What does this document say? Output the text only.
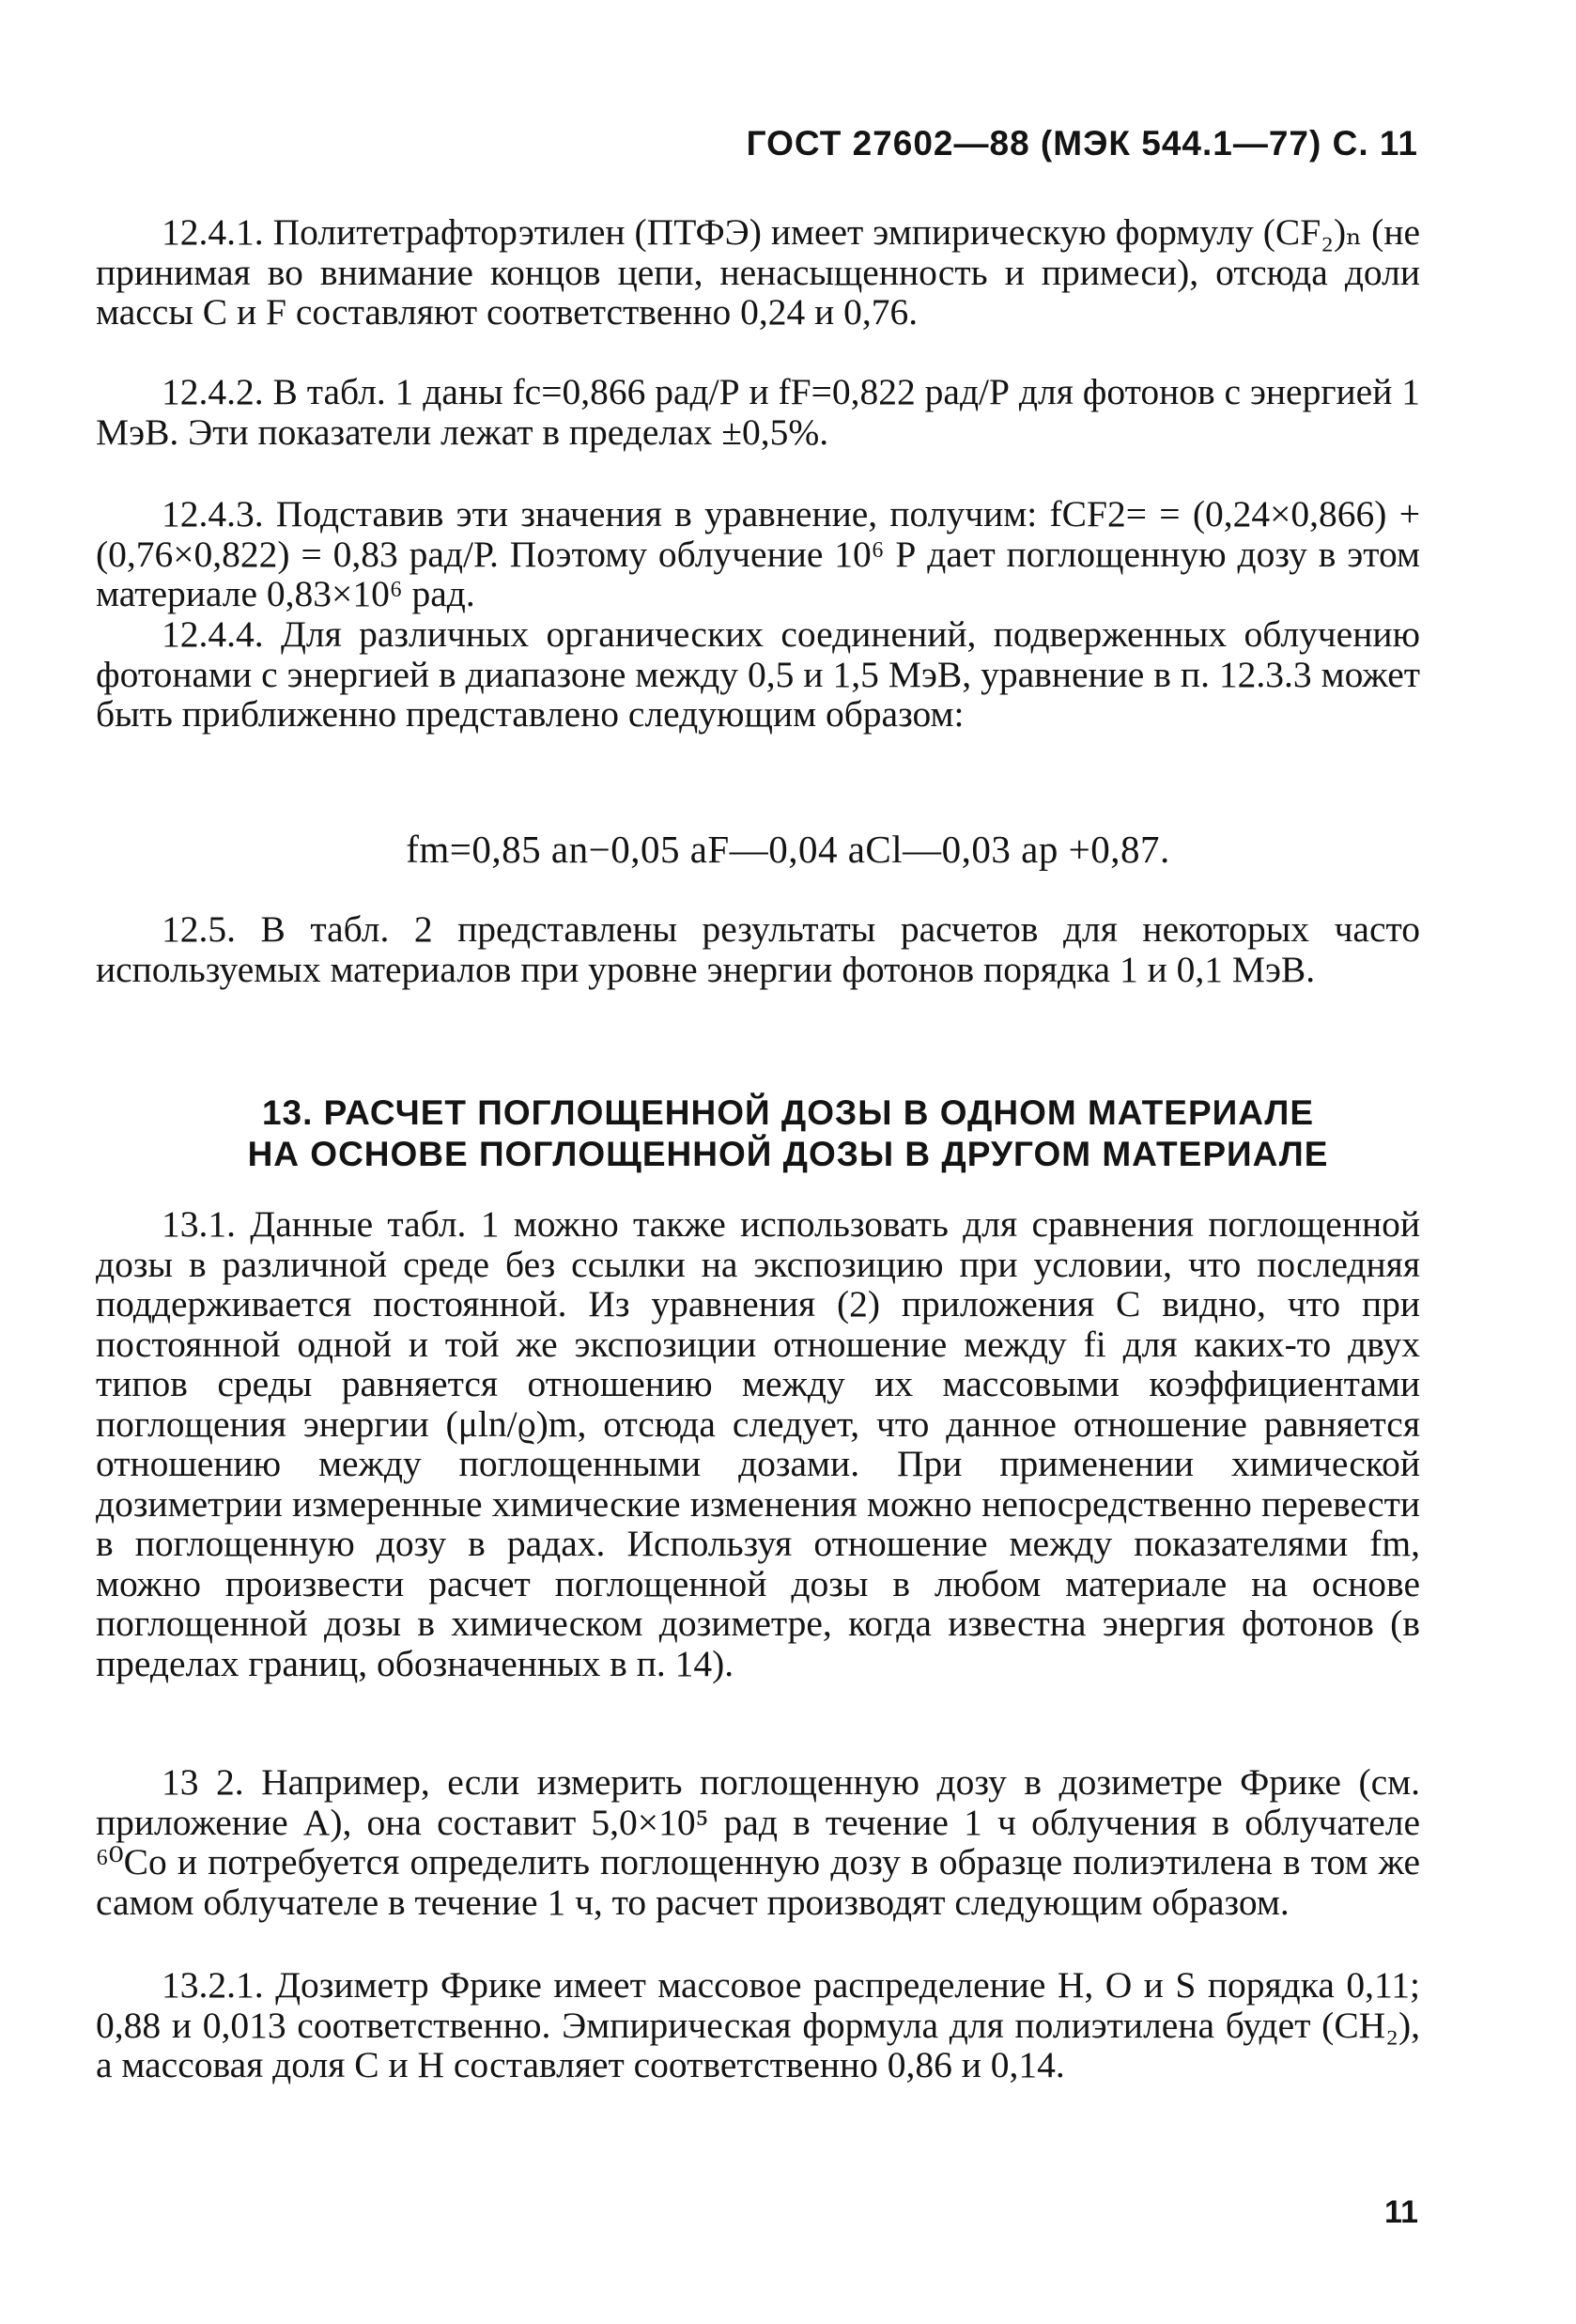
ГОСТ 27602—88 (МЭК 544.1—77) С. 11

12.4.1. Политетрафторэтилен (ПТФЭ) имеет эмпирическую формулу (CF₂)ₙ (не принимая во внимание концов цепи, ненасыщенность и примеси), отсюда доли массы C и F составляют соответственно 0,24 и 0,76.

12.4.2. В табл. 1 даны fc=0,866 рад/Р и fF=0,822 рад/Р для фотонов с энергией 1 МэВ. Эти показатели лежат в пределах ±0,5%.

12.4.3. Подставив эти значения в уравнение, получим: fCF2= = (0,24×0,866) + (0,76×0,822) = 0,83 рад/Р. Поэтому облучение 10⁶ Р дает поглощенную дозу в этом материале 0,83×10⁶ рад.

12.4.4. Для различных органических соединений, подверженных облучению фотонами с энергией в диапазоне между 0,5 и 1,5 МэВ, уравнение в п. 12.3.3 может быть приближенно представлено следующим образом:

fm=0,85 an−0,05 aF—0,04 aCl—0,03 ap +0,87.

12.5. В табл. 2 представлены результаты расчетов для некоторых часто используемых материалов при уровне энергии фотонов порядка 1 и 0,1 МэВ.

13. РАСЧЕТ ПОГЛОЩЕННОЙ ДОЗЫ В ОДНОМ МАТЕРИАЛЕ
НА ОСНОВЕ ПОГЛОЩЕННОЙ ДОЗЫ В ДРУГОМ МАТЕРИАЛЕ

13.1. Данные табл. 1 можно также использовать для сравнения поглощенной дозы в различной среде без ссылки на экспозицию при условии, что последняя поддерживается постоянной. Из уравнения (2) приложения С видно, что при постоянной одной и той же экспозиции отношение между fi для каких-то двух типов среды равняется отношению между их массовыми коэффициентами поглощения энергии (μln/ϱ)m, отсюда следует, что данное отношение равняется отношению между поглощенными дозами. При применении химической дозиметрии измеренные химические изменения можно непосредственно перевести в поглощенную дозу в радах. Используя отношение между показателями fm, можно произвести расчет поглощенной дозы в любом материале на основе поглощенной дозы в химическом дозиметре, когда известна энергия фотонов (в пределах границ, обозначенных в п. 14).

13 2. Например, если измерить поглощенную дозу в дозиметре Фрике (см. приложение А), она составит 5,0×10⁵ рад в течение 1 ч облучения в облучателе ⁶⁰Co и потребуется определить поглощенную дозу в образце полиэтилена в том же самом облучателе в течение 1 ч, то расчет производят следующим образом.

13.2.1. Дозиметр Фрике имеет массовое распределение H, O и S порядка 0,11; 0,88 и 0,013 соответственно. Эмпирическая формула для полиэтилена будет (CH₂), а массовая доля C и H составляет соответственно 0,86 и 0,14.

11
